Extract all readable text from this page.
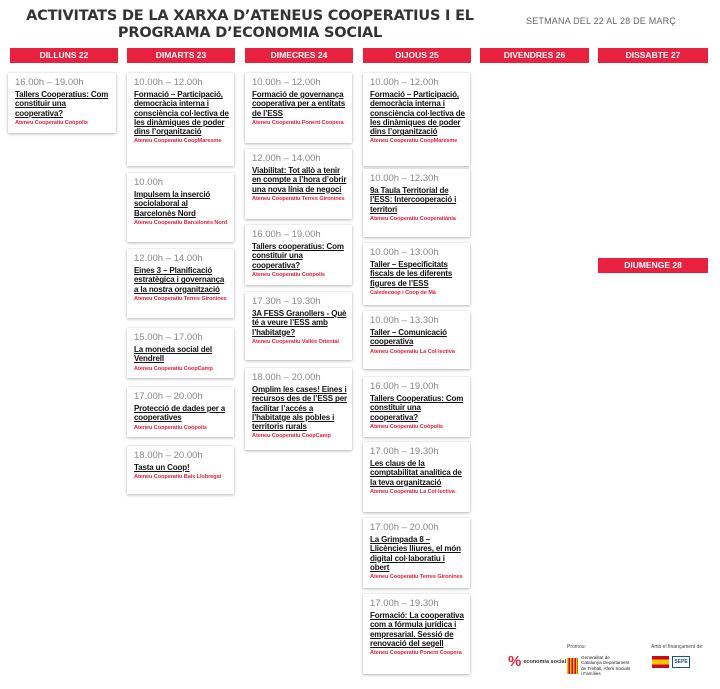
ACTIVITATS DE LA XARXA D’ATENEUS COOPERATIUS I EL
PROGRAMA D’ECONOMIA SOCIAL
SETMANA DEL 22 AL 28 DE MARÇ
DILLUNS 22	DIMARTS 23	DIMECRES 24	DIJOUS 25	DIVENDRES 26	DISSABTE 27
DIUMENGE 28
16.00h – 19.00h
Tallers Cooperatius: Com constituir una cooperativa?
Ateneu Cooperatiu Coòpolis
10.00h – 12.00h
Formació – Participació, democràcia interna i consciència col·lectiva de les dinàmiques de poder dins l’organització
Ateneu Cooperatiu CoopMaresme
10.00h
Impulsem la inserció sociolaboral al Barcelonès Nord
Ateneu Cooperatiu Barcelonès Nord
12.00h – 14.00h
Eines 3 – Planificació estratègica i governança a la nostra organització
Ateneu Cooperatiu Terres Gironines
15.00h – 17.00h
La moneda social del Vendrell
Ateneu Cooperatiu CoopCamp
17.00h – 20.00h
Protecció de dades per a cooperatives
Ateneu Cooperatiu Coòpolis
18.00h – 20.00h
Tasta un Coop!
Ateneu Cooperatiu Baix Llobregat
10.00h – 12.00h
Formació de governança cooperativa per a entitats de l’ESS
Ateneu Cooperatiu Ponent Coopera
12.00h – 14.00h
Viabilitat: Tot allò a tenir en compte a l’hora d’obrir una nova línia de negoci
Ateneu Cooperatiu Terres Gironines
16.00h – 19.00h
Tallers cooperatius: Com constituir una cooperativa?
Ateneu Cooperatiu Coòpolis
17.30h – 19.30h
3A FESS Granollers - Què té a veure l’ESS amb l’habitatge?
Ateneu Cooperatiu Vallès Oriental
18.00h – 20.00h
Omplim les cases! Eines i recursos des de l’ESS per facilitar l’accés a l’habitatge als pobles i territoris rurals
Ateneu Cooperatiu CoopCamp
10.00h – 12.00h
Formació – Participació, democràcia interna i consciència col·lectiva de les dinàmiques de poder dins l’organització
Ateneu Cooperatiu CoopMaresme
10.00h – 12.30h
9a Taula Territorial de l’ESS: Intercooperació i territori
Ateneu Cooperatiu Cooperatiània
10.00h – 13.00h
Taller – Especificitats fiscals de les diferents figures de l’ESS
Caixdecoop i Coop de Mà
10.00h – 13.30h
Taller – Comunicació cooperativa
Ateneu Cooperatiu La Col·lectiva
16.00h – 19.00h
Tallers Cooperatius: Com constituir una cooperativa?
Ateneu Cooperatiu Coòpolis
17.00h – 19.30h
Les claus de la comptabilitat analítica de la teva organització
Ateneu Cooperatiu La Col·lectiva
17.00h – 20.00h
La Grimpada 8 – Llicències lliures, el món digital col·laboratiu i obert
Ateneu Cooperatiu Terres Gironines
17.00h – 19.30h
Formació: La cooperativa com a fórmula jurídica i empresarial. Sessió de renovació del segell
Ateneu Cooperatiu Ponent Coopera
Promou:	Amb el finançament de:
% economia social
Generalitat de Catalunya Departament de Treball, Afers Socials i Famílies
SEPE
